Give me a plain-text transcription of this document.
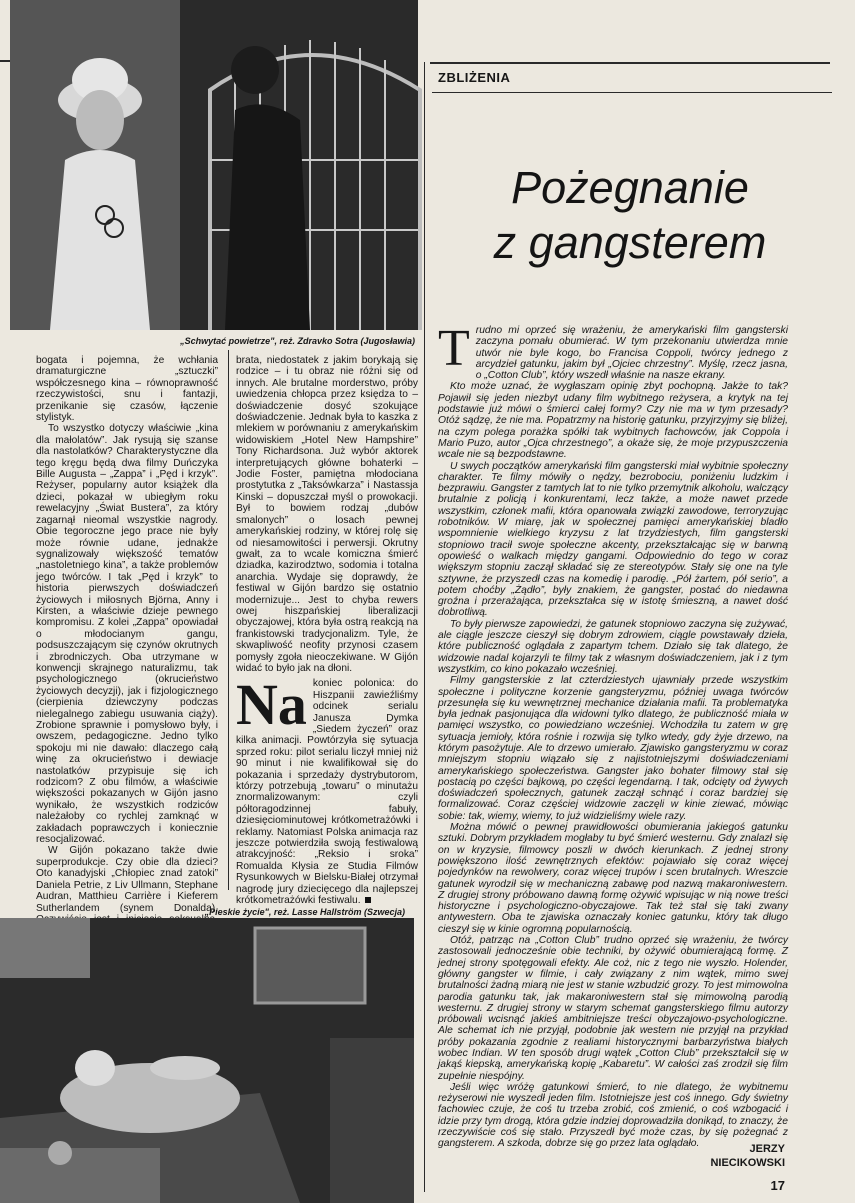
„Schwytać powietrze", reż. Zdravko Sotra (Jugosławia)

bogata i pojemna, że wchłania dramaturgiczne „sztuczki” współczesnego kina – równoprawność rzeczywistości, snu i fantazji, przenikanie się czasów, łączenie stylistyk.

To wszystko dotyczy właściwie „kina dla małolatów”. Jak rysują się szanse dla nastolatków? Charakterystyczne dla tego kręgu będą dwa filmy Duńczyka Bille Augusta – „Zappa” i „Pęd i krzyk”. Reżyser, popularny autor książek dla dzieci, pokazał w ubiegłym roku rewelacyjny „Świat Bustera”, za który zagarnął nieomal wszystkie nagrody. Obie tegoroczne jego prace nie były może równie udane, jednakże sygnalizowały większość tematów „nastoletniego kina”, a także problemów jego twórców. I tak „Pęd i krzyk” to historia pierwszych doświadczeń życiowych i miłosnych Björna, Anny i Kirsten, a właściwie dzieje pewnego kompromisu. Z kolei „Zappa” opowiadał o młodocianym gangu, podsuszczającym się czynów okrutnych i zbrodniczych. Oba utrzymane w konwencji skrajnego naturalizmu, tak psychologicznego (okrucieństwo życiowych decyzji), jak i fizjologicznego (cierpienia dziewczyny podczas nielegalnego zabiegu usuwania ciąży). Zrobione sprawnie i pomysłowo były, i owszem, pedagogiczne. Jedno tylko spokoju mi nie dawało: dlaczego całą winę za okrucieństwo i dewiacje nastolatków przypisuje się ich rodzicom? Z obu filmów, a właściwie większości pokazanych w Gijón jasno wynikało, że wszystkich rodziców należałoby co rychlej zamknąć w zakładach poprawczych i koniecznie resocjalizować.

W Gijón pokazano także dwie superprodukcje. Czy obie dla dzieci? Oto kanadyjski „Chłopiec znad zatoki” Daniela Petrie, z Liv Ullmann, Stephane Audran, Matthieu Carrière i Kieferem Sutherlandem (synem Donalda).

brata, niedostatek z jakim borykają się rodzice – i tu obraz nie różni się od innych. Ale brutalne morderstwo, próby uwiedzenia chłopca przez księdza to – doświadczenie dosyć szokujące doświadczenie. Jednak była to kaszka z mlekiem w porównaniu z amerykańskim widowiskiem „Hotel New Hampshire” Tony Richardsona. Już wybór aktorek interpretujących główne bohaterki – Jodie Foster, pamiętna młodociana prostytutka z „Taksówkarza” i Nastassja Kinski – dopuszczał myśl o prowokacji. Był to bowiem rodzaj „dubów smalonych” o losach pewnej amerykańskiej rodziny, w której rolę się od niesamowitości i perwersji. Okrutny gwałt, za to wcale komiczna śmierć dziadka, kazirodztwo, sodomia i totalna anarchia. Wydaje się doprawdy, że festiwal w Gijón bardzo się ostatnio modernizuje... Jest to chyba rewers owej hiszpańskiej liberalizacji obyczajowej, która była ostrą reakcją na frankistowski tradycjonalizm. Tyle, że skwapliwość neofity przynosi czasem pomysły zgoła nieoczekiwane. W Gijón widać to było jak na dłoni.

Na koniec polonica: do Hiszpanii zawieźliśmy odcinek serialu Janusza Dymka „Siedem życzeń” oraz kilka animacji. Powtórzyła się sytuacja sprzed roku: pilot serialu liczył mniej niż 90 minut i nie kwalifikował się do pokazania i sprzedaży dystrybutorom, którzy potrzebują „towaru” o minutażu znormalizowanym: czyli półtoragodzinnej fabuły, dziesięciominutowej krótkometrażówki i reklamy. Natomiast Polska animacja raz jeszcze potwierdziła swoją festiwalową atrakcyjność: „Reksio i sroka” Romualda Kłysia ze Studia Filmów Rysunkowych w Bielsku-Białej otrzymał nagrodę jury dziecięcego dla najlepszej krótkometrażówki festiwalu.

„Pieskie życie", reż. Lasse Hallström (Szwecja)
ZBLIŻENIA
Pożegnanie
z gangsterem

Trudno mi oprzeć się wrażeniu, że amerykański film gangsterski zaczyna pomału obumierać. W tym przekonaniu utwierdza mnie utwór nie byle kogo, bo Francisa Coppoli, twórcy jednego z arcydzieł gatunku, jakim był „Ojciec chrzestny”. Myślę, rzecz jasna, o „Cotton Club”, który wszedł właśnie na nasze ekrany.

Kto może uznać, że wygłaszam opinię zbyt pochopną. Jakże to tak? Pojawił się jeden niezbyt udany film wybitnego reżysera, a krytyk na tej podstawie już mówi o śmierci całej formy? Czy nie ma w tym przesady? Otóż sądzę, że nie ma. Popatrzmy na historię gatunku, przyjrzyjmy się bliżej, na czym polega porażka spółki tak wybitnych fachowców, jak Coppola i Mario Puzo, autor „Ojca chrzestnego”, a okaże się, że moje przypuszczenia wcale nie są bezpodstawne.

U swych początków amerykański film gangsterski miał wybitnie społeczny charakter. Te filmy mówiły o nędzy, bezrobociu, poniżeniu ludzkim i bezprawiu. Gangster z tamtych lat to nie tylko przemytnik alkoholu, walczący brutalnie z policją i konkurentami, lecz także, a może nawet przede wszystkim, członek mafii, która opanowała związki zawodowe, terroryzując robotników. W miarę, jak w społecznej pamięci amerykańskiej bladło wspomnienie wielkiego kryzysu z lat trzydziestych, film gangsterski stopniowo tracił swoje społeczne akcenty, przekształcając się w barwną opowieść o walkach między gangami. Odpowiednio do tego w coraz większym stopniu zaczął składać się ze stereotypów. Stały się one na tyle sztywne, że przyszedł czas na komedię i parodię. „Pół żartem, pół serio”, a potem choćby „Żądło”, były znakiem, że gangster, postać do niedawna groźna i przerażająca, przekształca się w istotę śmieszną, a nawet dość dobrotliwą.

To były pierwsze zapowiedzi, że gatunek stopniowo zaczyna się zużywać, ale ciągle jeszcze cieszył się dobrym zdrowiem, ciągle powstawały dzieła, które publiczność oglądała z zapartym tchem. Działo się tak dlatego, że widzowie nadal kojarzyli te filmy tak z własnym doświadczeniem, jak i z tym wszystkim, co kino pokazało wcześniej.

Filmy gangsterskie z lat czterdziestych ujawniały przede wszystkim społeczne i polityczne korzenie gangsteryzmu, później uwaga twórców przesunęła się ku wewnętrznej mechanice działania mafii. Ta problematyka była jednak pasjonująca dla widowni tylko dlatego, że publiczność miała w pamięci wszystko, co powiedziano wcześniej. Wchodziła tu zatem w grę sytuacja jemioły, która rośnie i rozwija się tylko wtedy, gdy żyje drzewo, na którym pasożytuje. Ale to drzewo umierało. Zjawisko gangsteryzmu w coraz mniejszym stopniu wiązało się z najistotniejszymi doświadczeniami amerykańskiego społeczeństwa. Gangster jako bohater filmowy stał się postacią po części bajkową, po części legendarną. I tak, odcięty od żywych doświadczeń społecznych, gatunek zaczął schnąć i coraz bardziej się formalizować. Coraz częściej widzowie zaczęli w kinie ziewać, mówiąc sobie: tak, wiemy, wiemy, to już widzieliśmy wiele razy.

Można mówić o pewnej prawidłowości obumierania jakiegoś gatunku sztuki. Dobrym przykładem mogłaby tu być śmierć westernu. Gdy znalazł się on w kryzysie, filmowcy poszli w dwóch kierunkach. Z jednej strony powiększono ilość zewnętrznych efektów: pojawiało się coraz więcej pojedynków na rewolwery, coraz więcej trupów i scen brutalnych. Wreszcie gatunek wyrodził się w mechaniczną zabawę pod nazwą makaroniwestern. Z drugiej strony próbowano dawną formę ożywić wpisując w nią nowe treści historyczne i psychologiczno-obyczajowe. Tak też stał się taki zwany antywestern. Oba te zjawiska oznaczały koniec gatunku, który tak długo cieszył się w kinie ogromną popularnością.

Otóż, patrząc na „Cotton Club” trudno oprzeć się wrażeniu, że twórcy zastosowali jednocześnie obie techniki, by ożywić obumierającą formę. Z jednej strony spotęgowali efekty. Ale coż, nic z tego nie wyszło. Holender, główny gangster w filmie, i cały związany z nim wątek, mimo swej brutalności żadną miarą nie jest w stanie wzbudzić grozy. To jest mimowolna parodia gatunku tak, jak makaroniwestern stał się mimowolną parodią westernu. Z drugiej strony w starym schemat gangsterskiego filmu autorzy próbowali wcisnąć jakieś ambitniejsze treści obyczajowo-psychologiczne. Ale schemat ich nie przyjął, podobnie jak western nie przyjął na przykład próby pokazania zgodnie z realiami historycznymi barbarzyństwa białych wobec Indian. W ten sposób drugi wątek „Cotton Club” przekształcił się w jakąś kiepską, amerykańską kopię „Kabaretu”. W całości zaś zrodził się film zupełnie niespójny.

Jeśli więc wróżę gatunkowi śmierć, to nie dlatego, że wybitnemu reżyserowi nie wyszedł jeden film. Istotniejsze jest coś innego. Gdy świetny fachowiec czuje, że coś tu trzeba zrobić, coś zmienić, o coś wzbogacić i idzie przy tym drogą, która gdzie indziej doprowadziła donikąd, to znaczy, że rzeczywiście coś się stało. Przyszedł być może czas, by się pożegnać z gangsterem. A szkoda, dobrze się go przez lata oglądało.	JERZY
NIECIKOWSKI
17
